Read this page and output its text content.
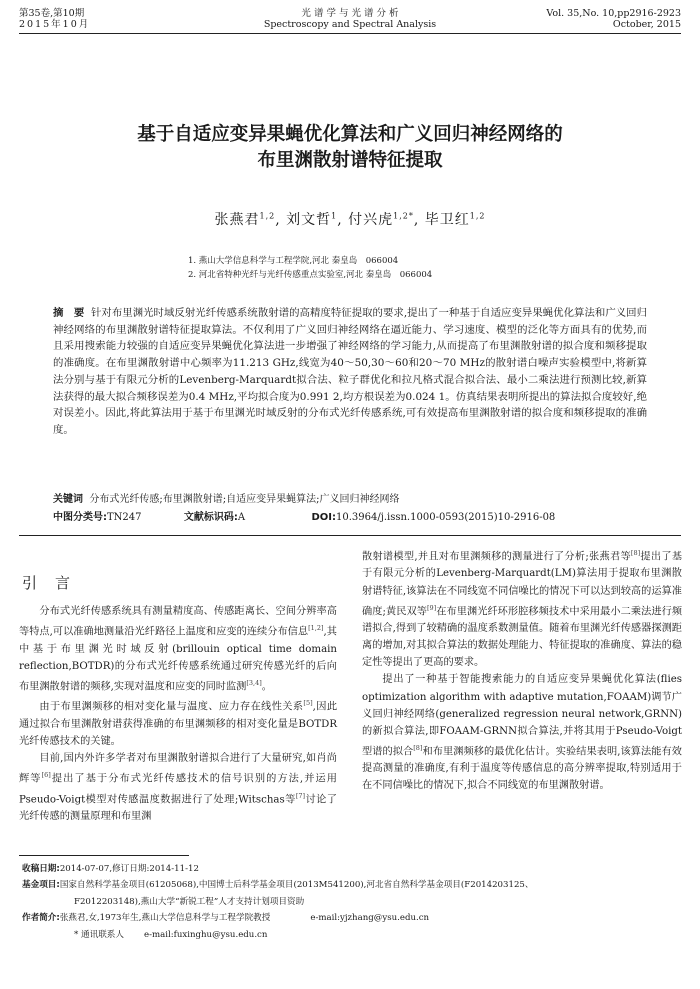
第35卷,第10期
2015年10月
光 谱 学 与 光 谱 分 析
Spectroscopy and Spectral Analysis
Vol. 35,No. 10,pp2916-2923
October, 2015
基于自适应变异果蝇优化算法和广义回归神经网络的
布里渊散射谱特征提取
张燕君$^{1,2}$, 刘文哲$^1$, 付兴虎$^{1,2*}$, 毕卫红$^{1,2}$
1. 燕山大学信息科学与工程学院,河北 秦皇岛　066004
2. 河北省特种光纤与光纤传感重点实验室,河北 秦皇岛　066004
摘　要 针对布里渊光时域反射光纤传感系统散射谱的高精度特征提取的要求,提出了一种基于自适应变异果蝇优化算法和广义回归神经网络的布里渊散射谱特征提取算法。不仅利用了广义回归神经网络在逼近能力、学习速度、模型的泛化等方面具有的优势,而且采用搜索能力较强的自适应变异果蝇优化算法进一步增强了神经网络的学习能力,从而提高了布里渊散射谱的拟合度和频移提取的准确度。在布里渊散射谱中心频率为11.213 GHz,线宽为40～50,30～60和20～70 MHz的散射谱白噪声实验模型中,将新算法分别与基于有限元分析的Levenberg-Marquardt拟合法、粒子群优化和拉凡格式混合拟合法、最小二乘法进行预测比较,新算法获得的最大拟合频移误差为0.4 MHz,平均拟合度为0.991 2,均方根误差为0.024 1。仿真结果表明所提出的算法拟合度较好,绝对误差小。因此,将此算法用于基于布里渊光时域反射的分布式光纤传感系统,可有效提高布里渊散射谱的拟合度和频移提取的准确度。
关键词 分布式光纤传感;布里渊散射谱;自适应变异果蝇算法;广义回归神经网络
中图分类号:TN247	文献标识码:A	DOI:10.3964/j.issn.1000-0593(2015)10-2916-08
引言

分布式光纤传感系统具有测量精度高、传感距离长、空间分辨率高等特点,可以准确地测量沿光纤路径上温度和应变的连续分布信息[1,2],其中基于布里渊光时域反射(brillouin optical time domain reflection,BOTDR)的分布式光纤传感系统通过研究传感光纤的后向布里渊散射谱的频移,实现对温度和应变的同时监测[3,4]。

由于布里渊频移的相对变化量与温度、应力存在线性关系[5],因此通过拟合布里渊散射谱获得准确的布里渊频移的相对变化量是BOTDR光纤传感技术的关键。

目前,国内外许多学者对布里渊散射谱拟合进行了大量研究,如肖尚辉等[6]提出了基于分布式光纤传感技术的信号识别的方法,并运用Pseudo-Voigt模型对传感温度数据进行了处理;Witschas等[7]讨论了光纤传感的测量原理和布里渊

散射谱模型,并且对布里渊频移的测量进行了分析;张燕君等[8]提出了基于有限元分析的Levenberg-Marquardt(LM)算法用于提取布里渊散射谱特征,该算法在不同线宽不同信噪比的情况下可以达到较高的运算准确度;黄民双等[9]在布里渊光纤环形腔移频技术中采用最小二乘法进行频谱拟合,得到了较精确的温度系数测量值。随着布里渊光纤传感器探测距离的增加,对其拟合算法的数据处理能力、特征提取的准确度、算法的稳定性等提出了更高的要求。

提出了一种基于智能搜索能力的自适应变异果蝇优化算法(flies optimization algorithm with adaptive mutation,FOAAM)调节广义回归神经网络(generalized regression neural network,GRNN)的新拟合算法,即FOAAM-GRNN拟合算法,并将其用于Pseudo-Voigt型谱的拟合[8]和布里渊频移的最优化估计。实验结果表明,该算法能有效提高测量的准确度,有利于温度等传感信息的高分辨率提取,特别适用于在不同信噪比的情况下,拟合不同线宽的布里渊散射谱。

收稿日期:2014-07-07,修订日期:2014-11-12
基金项目:国家自然科学基金项目(61205068),中国博士后科学基金项目(2013M541200),河北省自然科学基金项目(F2014203125、
F2012203148),燕山大学“新锐工程”人才支持计划项目资助
作者简介:张燕君,女,1973年生,燕山大学信息科学与工程学院教授	e-mail:yjzhang@ysu.edu.cn
* 通讯联系人 e-mail:fuxinghu@ysu.edu.cn
